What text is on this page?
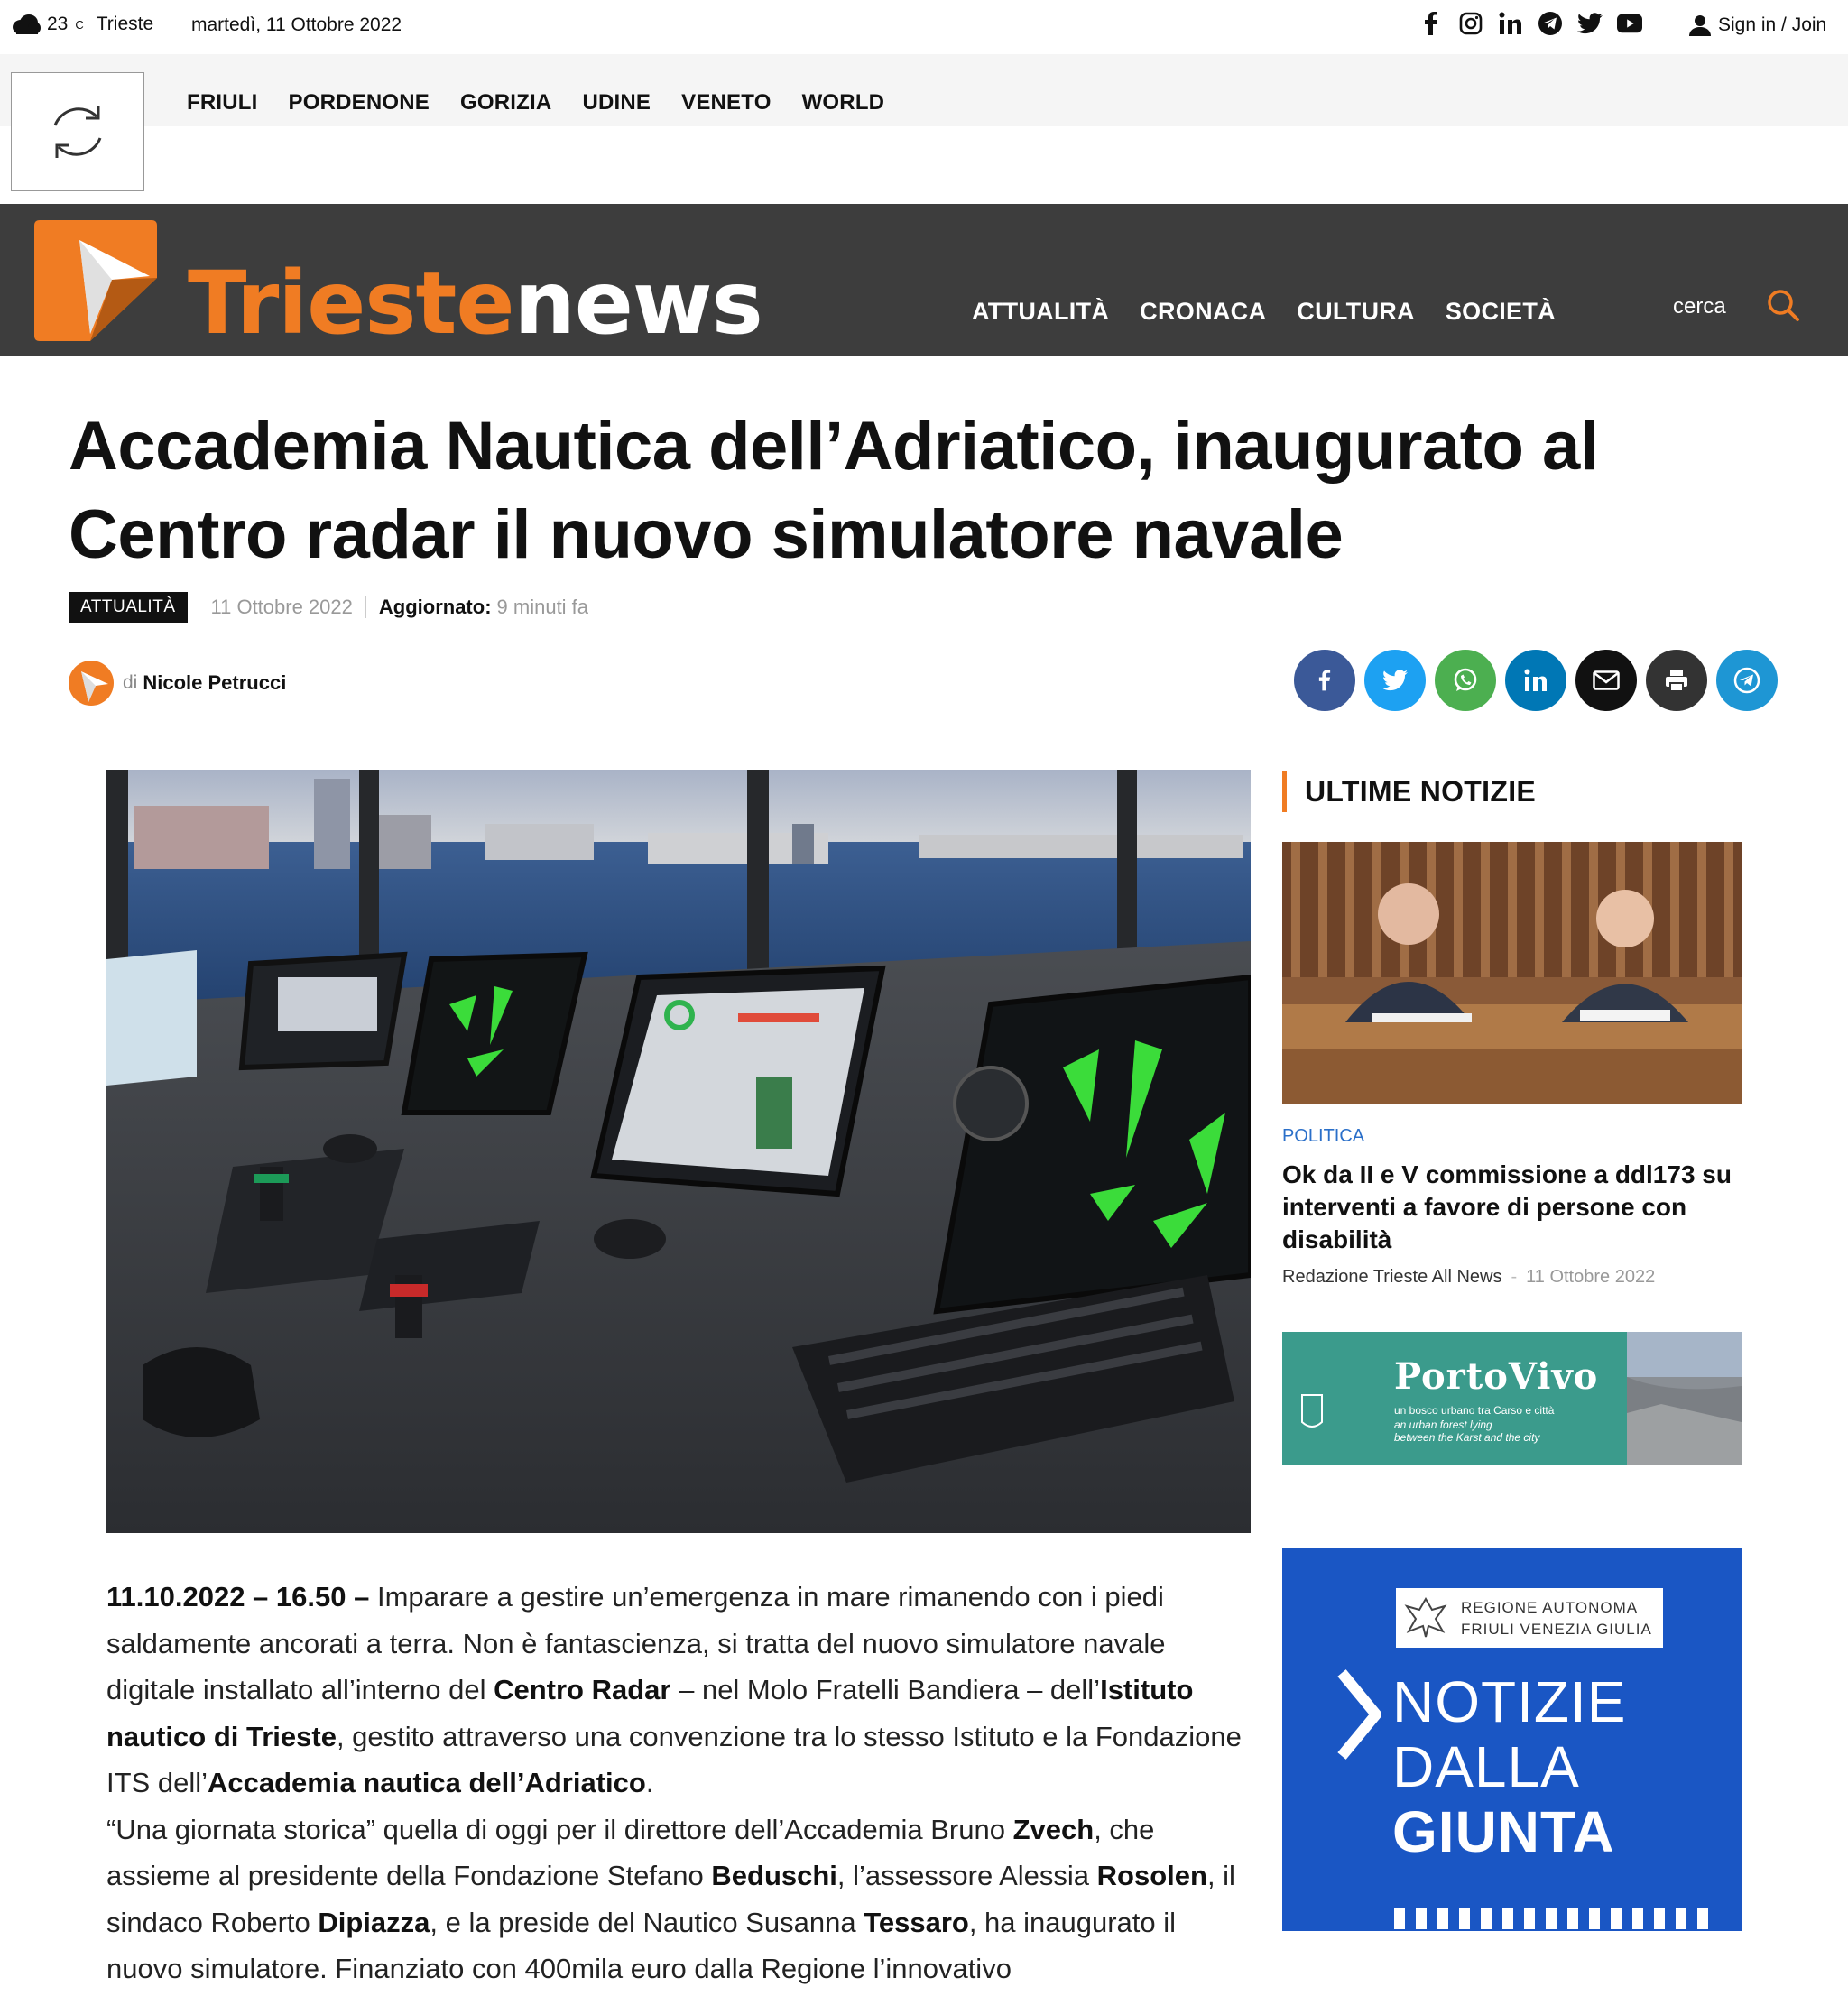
23 C Trieste martedì, 11 Ottobre 2022	Sign in / Join
FRIULI PORDENONE GORIZIA UDINE VENETO WORLD
Triestenews	ATTUALITÀ CRONACA CULTURA SOCIETÀ	cerca
Accademia Nautica dell’Adriatico, inaugurato al Centro radar il nuovo simulatore navale
ATTUALITÀ	11 Ottobre 2022 Aggiornato: 9 minuti fa
di Nicole Petrucci

11.10.2022 – 16.50 – Imparare a gestire un’emergenza in mare rimanendo con i piedi saldamente ancorati a terra. Non è fantascienza, si tratta del nuovo simulatore navale digitale installato all’interno del Centro Radar – nel Molo Fratelli Bandiera – dell’Istituto nautico di Trieste, gestito attraverso una convenzione tra lo stesso Istituto e la Fondazione ITS dell’Accademia nautica dell’Adriatico.

“Una giornata storica” quella di oggi per il direttore dell’Accademia Bruno Zvech, che assieme al presidente della Fondazione Stefano Beduschi, l’assessore Alessia Rosolen, il sindaco Roberto Dipiazza, e la preside del Nautico Susanna Tessaro, ha inaugurato il nuovo simulatore. Finanziato con 400mila euro dalla Regione l’innovativo

ULTIME NOTIZIE
POLITICA
Ok da II e V commissione a ddl173 su interventi a favore di persone con disabilità
Redazione Trieste All News - 11 Ottobre 2022
PortoVivo
un bosco urbano tra Carso e città
an urban forest lying
between the Karst and the city
REGIONE AUTONOMA
FRIULI VENEZIA GIULIA
NOTIZIE
DALLA
GIUNTA
